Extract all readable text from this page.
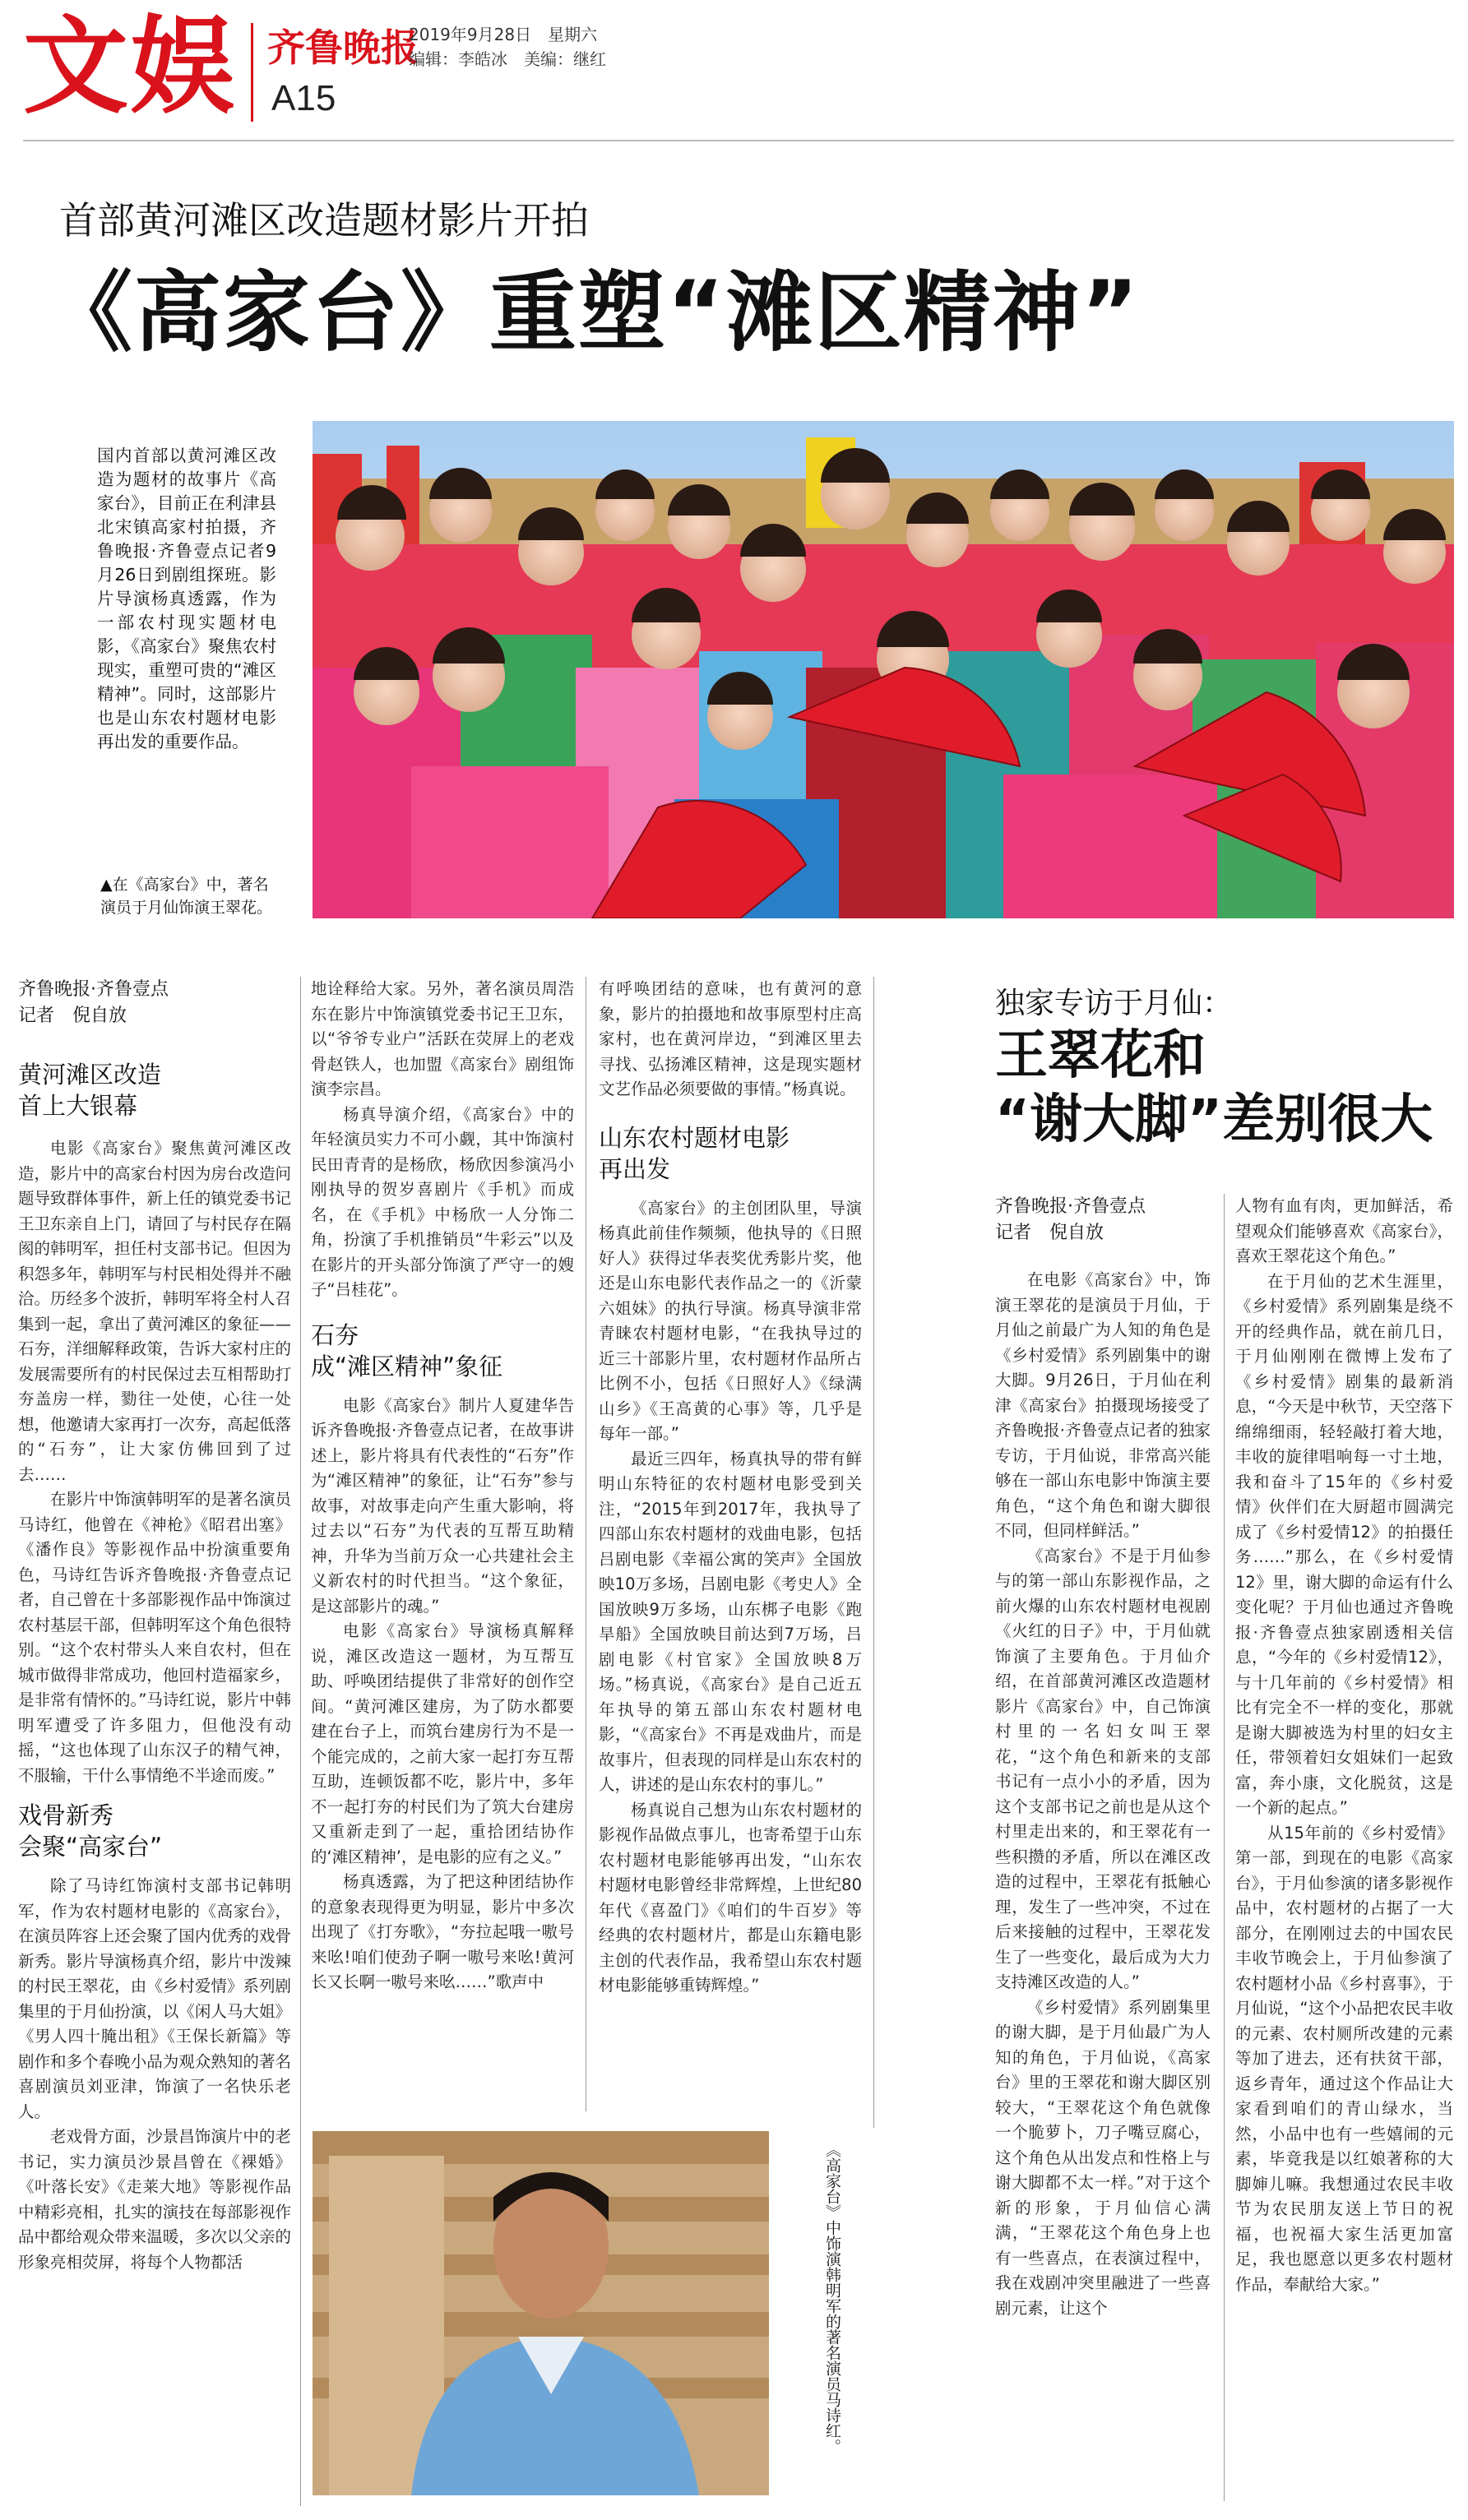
文娱 齐鲁晚报
A15
2019年9月28日　星期六
编辑：李皓冰　美编：继红
首部黄河滩区改造题材影片开拍
《高家台》重塑“滩区精神”
国内首部以黄河滩区改造为题材的故事片《高家台》，目前正在利津县北宋镇高家村拍摄，齐鲁晚报·齐鲁壹点记者9月26日到剧组探班。影片导演杨真透露，作为一部农村现实题材电影，《高家台》聚焦农村现实，重塑可贵的“滩区精神”。同时，这部影片也是山东农村题材电影再出发的重要作品。
▲在《高家台》中，著名演员于月仙饰演王翠花。
齐鲁晚报·齐鲁壹点
记者　倪自放
黄河滩区改造
首上大银幕

电影《高家台》聚焦黄河滩区改造，影片中的高家台村因为房台改造问题导致群体事件，新上任的镇党委书记王卫东亲自上门，请回了与村民存在隔阂的韩明军，担任村支部书记。但因为积怨多年，韩明军与村民相处得并不融洽。历经多个波折，韩明军将全村人召集到一起，拿出了黄河滩区的象征——石夯，洋细解释政策，告诉大家村庄的发展需要所有的村民保过去互相帮助打夯盖房一样，勠往一处使，心往一处想，他邀请大家再打一次夯，高起低落的“石夯”，让大家仿佛回到了过去……

在影片中饰演韩明军的是著名演员马诗红，他曾在《神枪》《昭君出塞》《潘作良》等影视作品中扮演重要角色，马诗红告诉齐鲁晚报·齐鲁壹点记者，自己曾在十多部影视作品中饰演过农村基层干部，但韩明军这个角色很特别。“这个农村带头人来自农村，但在城市做得非常成功，他回村造福家乡，是非常有情怀的。”马诗红说，影片中韩明军遭受了许多阻力，但他没有动摇，“这也体现了山东汉子的精气神，不服输，干什么事情绝不半途而废。”

戏骨新秀
会聚“高家台”

除了马诗红饰演村支部书记韩明军，作为农村题材电影的《高家台》，在演员阵容上还会聚了国内优秀的戏骨新秀。影片导演杨真介绍，影片中泼辣的村民王翠花，由《乡村爱情》系列剧集里的于月仙扮演，以《闲人马大姐》《男人四十腌出租》《王保长新篇》等剧作和多个春晚小品为观众熟知的著名喜剧演员刘亚津，饰演了一名快乐老人。

老戏骨方面，沙景昌饰演片中的老书记，实力演员沙景昌曾在《裸婚》《叶落长安》《走莱大地》等影视作品中精彩亮相，扎实的演技在每部影视作品中都给观众带来温暖，多次以父亲的形象亮相荧屏，将每个人物都活

地诠释给大家。另外，著名演员周浩东在影片中饰演镇党委书记王卫东，以“爷爷专业户”活跃在荧屏上的老戏骨赵铁人，也加盟《高家台》剧组饰演李宗昌。

杨真导演介绍，《高家台》中的年轻演员实力不可小觑，其中饰演村民田青青的是杨欣，杨欣因参演冯小刚执导的贺岁喜剧片《手机》而成名，在《手机》中杨欣一人分饰二角，扮演了手机推销员“牛彩云”以及在影片的开头部分饰演了严守一的嫂子“吕桂花”。

石夯
成“滩区精神”象征

电影《高家台》制片人夏建华告诉齐鲁晚报·齐鲁壹点记者，在故事讲述上，影片将具有代表性的“石夯”作为“滩区精神”的象征，让“石夯”参与故事，对故事走向产生重大影响，将过去以“石夯”为代表的互帮互助精神，升华为当前万众一心共建社会主义新农村的时代担当。“这个象征，是这部影片的魂。”

电影《高家台》导演杨真解释说，滩区改造这一题材，为互帮互助、呼唤团结提供了非常好的创作空间。“黄河滩区建房，为了防水都要建在台子上，而筑台建房行为不是一个能完成的，之前大家一起打夯互帮互助，连顿饭都不吃，影片中，多年不一起打夯的村民们为了筑大台建房又重新走到了一起，重拾团结协作的‘滩区精神’，是电影的应有之义。”

杨真透露，为了把这种团结协作的意象表现得更为明显，影片中多次出现了《打夯歌》，“夯拉起哦一嗷号来吆!咱们使劲子啊一嗷号来吆!黄河长又长啊一嗷号来吆……”歌声中

有呼唤团结的意味，也有黄河的意象，影片的拍摄地和故事原型村庄高家村，也在黄河岸边，“到滩区里去寻找、弘扬滩区精神，这是现实题材文艺作品必须要做的事情。”杨真说。

山东农村题材电影
再出发

《高家台》的主创团队里，导演杨真此前佳作频频，他执导的《日照好人》获得过华表奖优秀影片奖，他还是山东电影代表作品之一的《沂蒙六姐妹》的执行导演。杨真导演非常青睐农村题材电影，“在我执导过的近三十部影片里，农村题材作品所占比例不小，包括《日照好人》《绿满山乡》《王高黄的心事》等，几乎是每年一部。”

最近三四年，杨真执导的带有鲜明山东特征的农村题材电影受到关注，“2015年到2017年，我执导了四部山东农村题材的戏曲电影，包括吕剧电影《幸福公寓的笑声》全国放映10万多场，吕剧电影《考史人》全国放映9万多场，山东梆子电影《跑旱船》全国放映目前达到7万场，吕剧电影《村官家》全国放映8万场。”杨真说，《高家台》是自己近五年执导的第五部山东农村题材电影，“《高家台》不再是戏曲片，而是故事片，但表现的同样是山东农村的人，讲述的是山东农村的事儿。”

杨真说自己想为山东农村题材的影视作品做点事儿，也寄希望于山东农村题材电影能够再出发，“山东农村题材电影曾经非常辉煌，上世纪80年代《喜盈门》《咱们的牛百岁》等经典的农村题材片，都是山东籍电影主创的代表作品，我希望山东农村题材电影能够重铸辉煌。”

《高家台》中饰演韩明军的著名演员马诗红。
独家专访于月仙：
王翠花和
“谢大脚”差别很大
齐鲁晚报·齐鲁壹点
记者　倪自放

在电影《高家台》中，饰演王翠花的是演员于月仙，于月仙之前最广为人知的角色是《乡村爱情》系列剧集中的谢大脚。9月26日，于月仙在利津《高家台》拍摄现场接受了齐鲁晚报·齐鲁壹点记者的独家专访，于月仙说，非常高兴能够在一部山东电影中饰演主要角色，“这个角色和谢大脚很不同，但同样鲜活。”

《高家台》不是于月仙参与的第一部山东影视作品，之前火爆的山东农村题材电视剧《火红的日子》中，于月仙就饰演了主要角色。于月仙介绍，在首部黄河滩区改造题材影片《高家台》中，自己饰演村里的一名妇女叫王翠花，“这个角色和新来的支部书记有一点小小的矛盾，因为这个支部书记之前也是从这个村里走出来的，和王翠花有一些积攒的矛盾，所以在滩区改造的过程中，王翠花有抵触心理，发生了一些冲突，不过在后来接触的过程中，王翠花发生了一些变化，最后成为大力支持滩区改造的人。”

《乡村爱情》系列剧集里的谢大脚，是于月仙最广为人知的角色，于月仙说，《高家台》里的王翠花和谢大脚区别较大，“王翠花这个角色就像一个脆萝卜，刀子嘴豆腐心，这个角色从出发点和性格上与谢大脚都不太一样。”对于这个新的形象，于月仙信心满满，“王翠花这个角色身上也有一些喜点，在表演过程中，我在戏剧冲突里融进了一些喜剧元素，让这个

人物有血有肉，更加鲜活，希望观众们能够喜欢《高家台》，喜欢王翠花这个角色。”

在于月仙的艺术生涯里，《乡村爱情》系列剧集是绕不开的经典作品，就在前几日，于月仙刚刚在微博上发布了《乡村爱情》剧集的最新消息，“今天是中秋节，天空落下绵绵细雨，轻轻敲打着大地，丰收的旋律唱响每一寸土地，我和奋斗了15年的《乡村爱情》伙伴们在大厨超市圆满完成了《乡村爱情12》的拍摄任务……”那么，在《乡村爱情12》里，谢大脚的命运有什么变化呢？于月仙也通过齐鲁晚报·齐鲁壹点独家剧透相关信息，“今年的《乡村爱情12》，与十几年前的《乡村爱情》相比有完全不一样的变化，那就是谢大脚被选为村里的妇女主任，带领着妇女姐妹们一起致富，奔小康，文化脱贫，这是一个新的起点。”

从15年前的《乡村爱情》第一部，到现在的电影《高家台》，于月仙参演的诸多影视作品中，农村题材的占据了一大部分，在刚刚过去的中国农民丰收节晚会上，于月仙参演了农村题材小品《乡村喜事》，于月仙说，“这个小品把农民丰收的元素、农村厕所改建的元素等加了进去，还有扶贫干部，返乡青年，通过这个作品让大家看到咱们的青山绿水，当然，小品中也有一些嬉闹的元素，毕竟我是以红娘著称的大脚婶儿嘛。我想通过农民丰收节为农民朋友送上节日的祝福，也祝福大家生活更加富足，我也愿意以更多农村题材作品，奉献给大家。”
